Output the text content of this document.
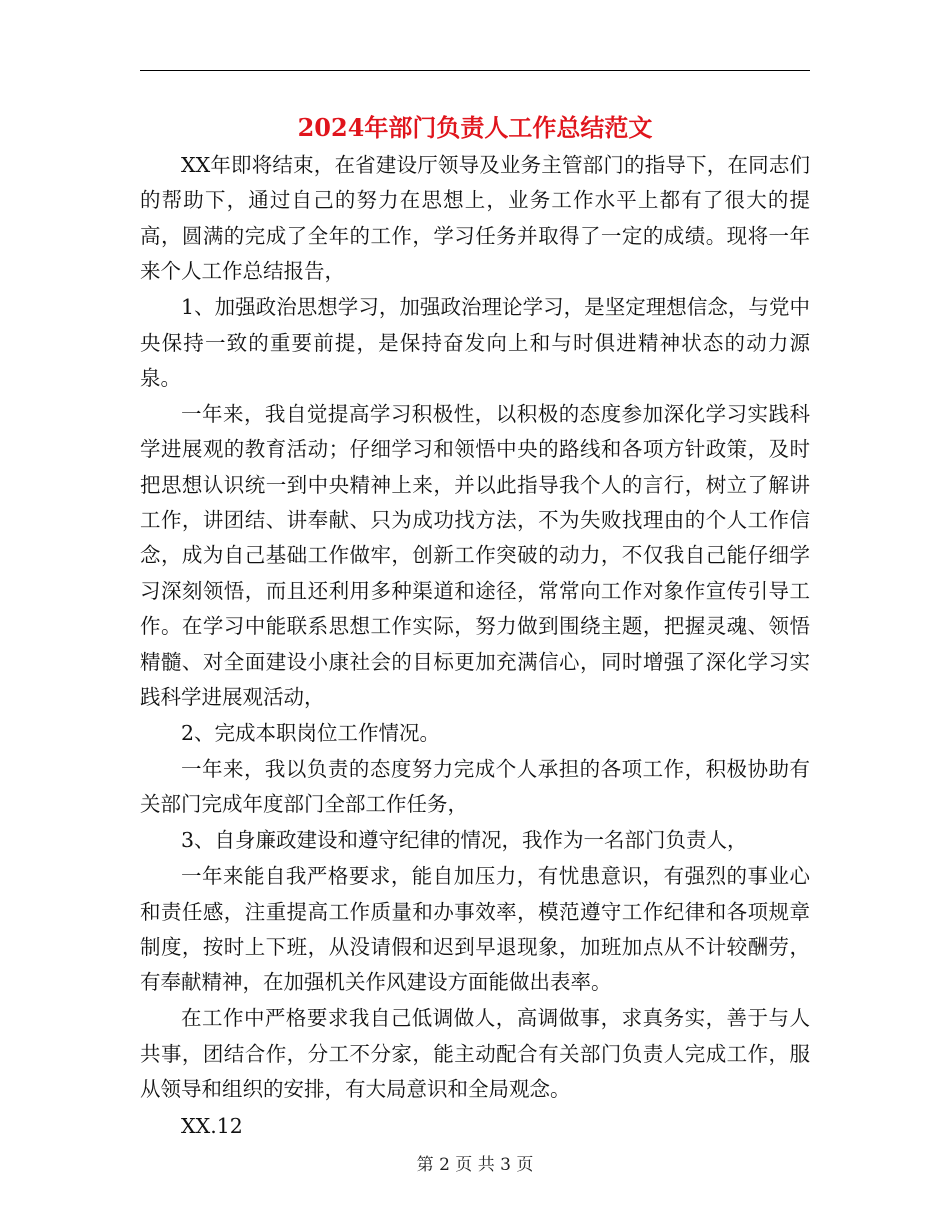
2024年部门负责人工作总结范文

XX年即将结束，在省建设厅领导及业务主管部门的指导下，在同志们的帮助下，通过自己的努力在思想上，业务工作水平上都有了很大的提高，圆满的完成了全年的工作，学习任务并取得了一定的成绩。现将一年来个人工作总结报告，

1、加强政治思想学习，加强政治理论学习，是坚定理想信念，与党中央保持一致的重要前提，是保持奋发向上和与时俱进精神状态的动力源泉。

一年来，我自觉提高学习积极性，以积极的态度参加深化学习实践科学进展观的教育活动；仔细学习和领悟中央的路线和各项方针政策，及时把思想认识统一到中央精神上来，并以此指导我个人的言行，树立了解讲工作，讲团结、讲奉献、只为成功找方法，不为失败找理由的个人工作信念，成为自己基础工作做牢，创新工作突破的动力，不仅我自己能仔细学习深刻领悟，而且还利用多种渠道和途径，常常向工作对象作宣传引导工作。在学习中能联系思想工作实际，努力做到围绕主题，把握灵魂、领悟精髓、对全面建设小康社会的目标更加充满信心，同时增强了深化学习实践科学进展观活动，

2、完成本职岗位工作情况。

一年来，我以负责的态度努力完成个人承担的各项工作，积极协助有关部门完成年度部门全部工作任务，

3、自身廉政建设和遵守纪律的情况，我作为一名部门负责人，

一年来能自我严格要求，能自加压力，有忧患意识，有强烈的事业心和责任感，注重提高工作质量和办事效率，模范遵守工作纪律和各项规章制度，按时上下班，从没请假和迟到早退现象，加班加点从不计较酬劳，有奉献精神，在加强机关作风建设方面能做出表率。

在工作中严格要求我自己低调做人，高调做事，求真务实，善于与人共事，团结合作，分工不分家，能主动配合有关部门负责人完成工作，服从领导和组织的安排，有大局意识和全局观念。

XX.12

第 2 页 共 3 页
